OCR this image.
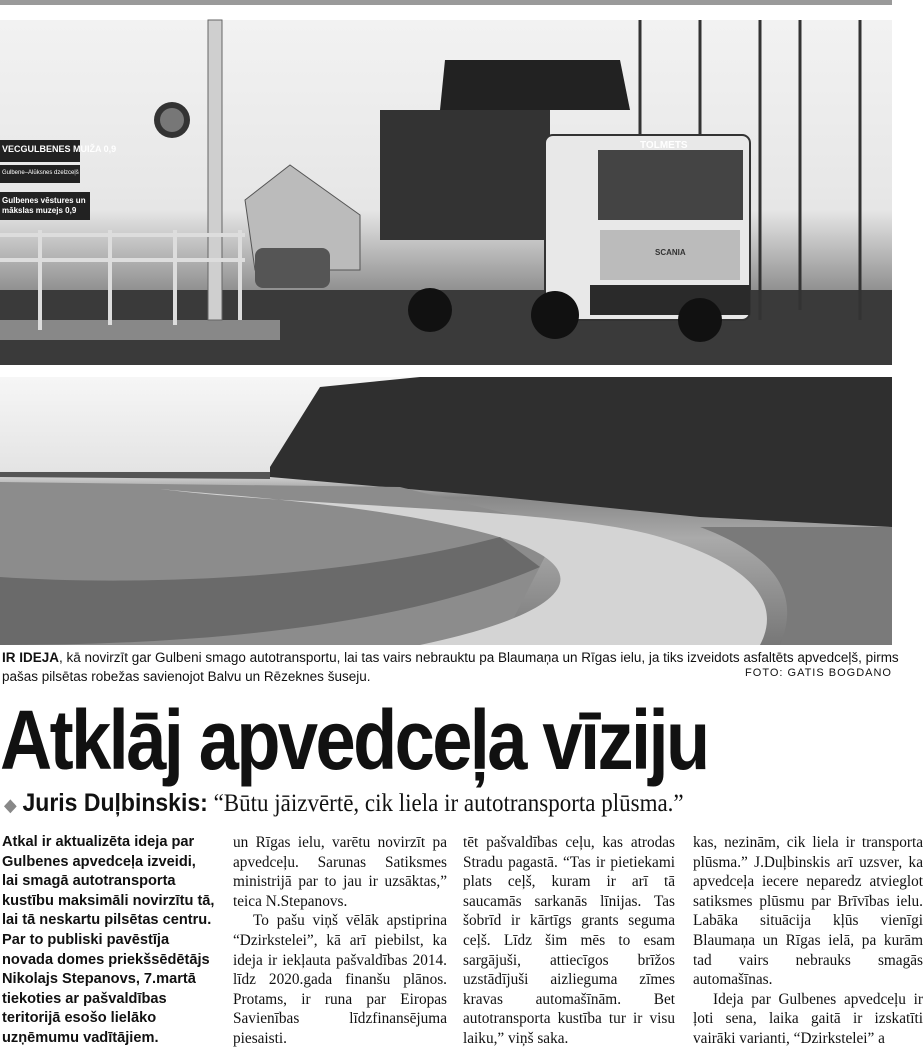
VECGULBENES MUIŽA 0,9
Gulbene–Alūksnes dzelzceļš
Gulbenes vēstures un mākslas muzejs 0,9
TOLMETS
SCANIA
IR IDEJA, kā novirzīt gar Gulbeni smago autotransportu, lai tas vairs nebrauktu pa Blaumaņa un Rīgas ielu, ja tiks izveidots asfaltēts apvedceļš, pirms
pašas pilsētas robežas savienojot Balvu un Rēzeknes šuseju.	FOTO: GATIS BOGDANO
Atklāj apvedceļa vīziju
◆ Juris Duļbinskis: “Būtu jāizvērtē, cik liela ir autotransporta plūsma.”

Atkal ir aktualizēta ideja par Gulbenes apvedceļa izveidi, lai smagā autotransporta kustību maksimāli novirzītu tā, lai tā neskartu pilsētas centru. Par to publiski pavēstīja novada domes priekšsēdētājs Nikolajs Stepanovs, 7.martā tiekoties ar pašvaldības teritorijā esošo lielāko uzņēmumu vadītājiem.

un Rīgas ielu, varētu novirzīt pa apvedceļu. Sarunas Satiksmes ministrijā par to jau ir uzsāktas,” teica N.Stepanovs.

To pašu viņš vēlāk apstiprina “Dzirkstelei”, kā arī piebilst, ka ideja ir iekļauta pašvaldības 2014. līdz 2020.gada finanšu plānos. Protams, ir runa par Eiropas Savienības līdzfinansējuma piesaisti.

tēt pašvaldības ceļu, kas atrodas Stradu pagastā. “Tas ir pietiekami plats ceļš, kuram ir arī tā saucamās sarkanās līnijas. Tas šobrīd ir kārtīgs grants seguma ceļš. Līdz šim mēs to esam sargājuši, attiecīgos brīžos uzstādījuši aizlieguma zīmes kravas automašīnām. Bet autotransporta kustība tur ir visu laiku,” viņš saka.

kas, nezinām, cik liela ir transporta plūsma.” J.Duļbinskis arī uzsver, ka apvedceļa iecere neparedz atvieglot satiksmes plūsmu par Brīvības ielu. Labāka situācija kļūs vienīgi Blaumaņa un Rīgas ielā, pa kurām tad vairs nebrauks smagās automašīnas.

Ideja par Gulbenes apvedceļu ir ļoti sena, laika gaitā ir izskatīti vairāki varianti, “Dzirkstelei” a
